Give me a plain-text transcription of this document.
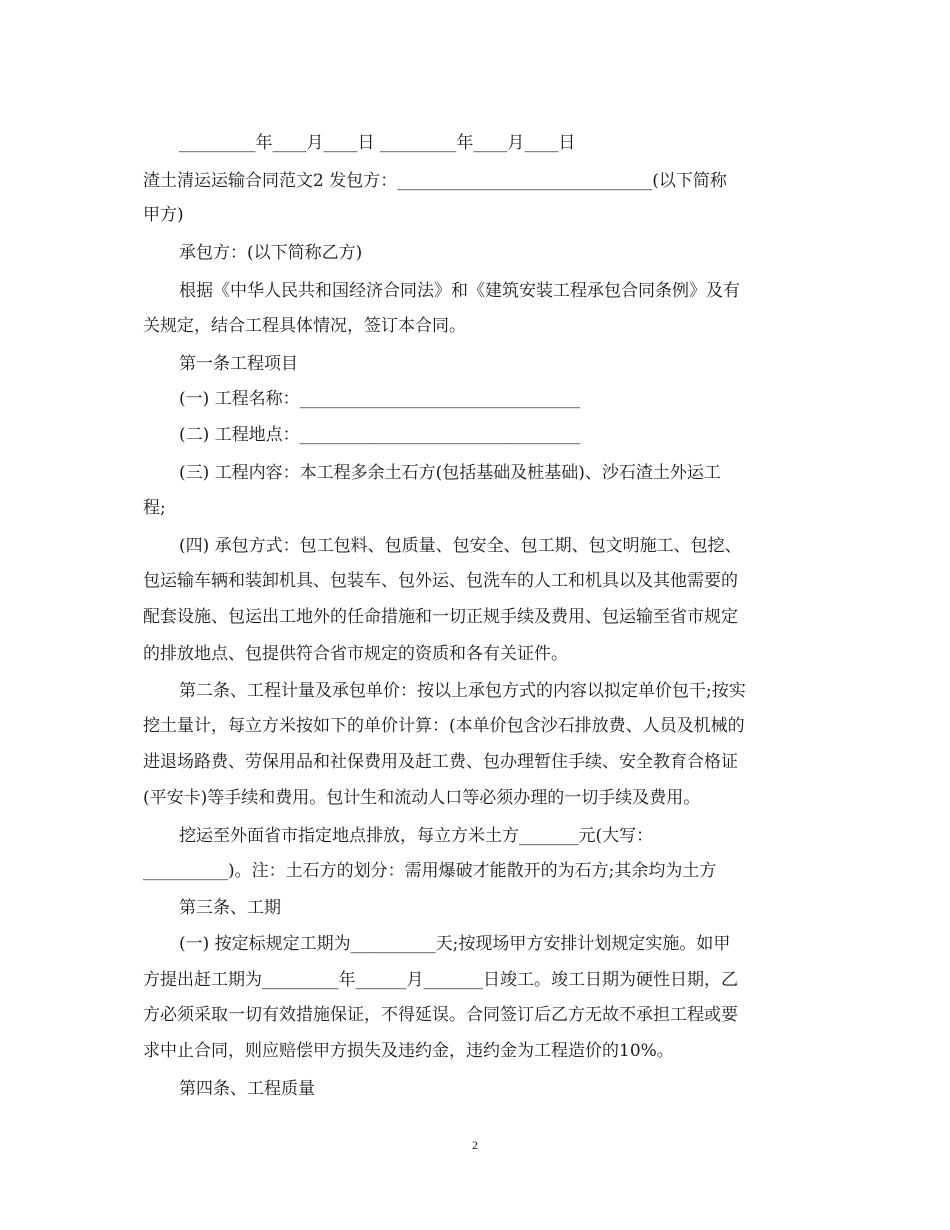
_________年____月____日 _________年____月____日
渣土清运运输合同范文2 发包方：______________________________(以下简称
甲方)
承包方：(以下简称乙方)
根据《中华人民共和国经济合同法》和《建筑安装工程承包合同条例》及有
关规定，结合工程具体情况，签订本合同。
第一条工程项目
(一) 工程名称：_________________________________
(二) 工程地点：_________________________________
(三) 工程内容：本工程多余土石方(包括基础及桩基础)、沙石渣土外运工
程;
(四) 承包方式：包工包料、包质量、包安全、包工期、包文明施工、包挖、
包运输车辆和装卸机具、包装车、包外运、包洗车的人工和机具以及其他需要的
配套设施、包运出工地外的任命措施和一切正规手续及费用、包运输至省市规定
的排放地点、包提供符合省市规定的资质和各有关证件。
第二条、工程计量及承包单价：按以上承包方式的内容以拟定单价包干;按实
挖土量计，每立方米按如下的单价计算：(本单价包含沙石排放费、人员及机械的
进退场路费、劳保用品和社保费用及赶工费、包办理暂住手续、安全教育合格证
(平安卡)等手续和费用。包计生和流动人口等必须办理的一切手续及费用。
挖运至外面省市指定地点排放，每立方米土方_______元(大写：
__________)。注：土石方的划分：需用爆破才能散开的为石方;其余均为土方
第三条、工期
(一) 按定标规定工期为__________天;按现场甲方安排计划规定实施。如甲
方提出赶工期为_________年______月_______日竣工。竣工日期为硬性日期，乙
方必须采取一切有效措施保证，不得延误。合同签订后乙方无故不承担工程或要
求中止合同，则应赔偿甲方损失及违约金，违约金为工程造价的10%。
第四条、工程质量
2
